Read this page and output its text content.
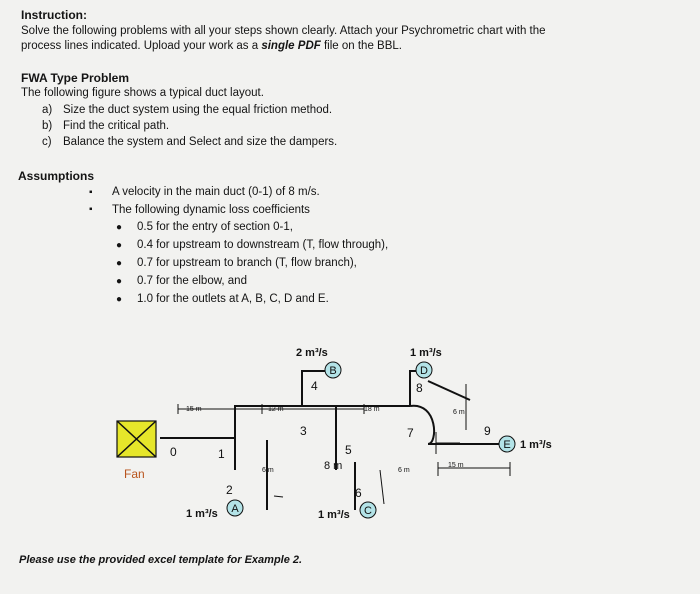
Instruction:
Solve the following problems with all your steps shown clearly. Attach your Psychrometric chart with the
process lines indicated. Upload your work as a single PDF file on the BBL.
FWA Type Problem
The following figure shows a typical duct layout.
a) Size the duct system using the equal friction method.
b) Find the critical path.
c) Balance the system and Select and size the dampers.
Assumptions
▪ A velocity in the main duct (0-1) of 8 m/s.
▪ The following dynamic loss coefficients
● 0.5 for the entry of section 0-1,
● 0.4 for upstream to downstream (T, flow through),
● 0.7 for upstream to branch (T, flow branch),
● 0.7 for the elbow, and
● 1.0 for the outlets at A, B, C, D and E.
A
B
C
D
E
1 m³/s
2 m³/s
1 m³/s
1 m³/s
1 m³/s
0	1
2
3
4
5
6
7
8
9
15 m	12 m	18 m	6 m
6 m	8 m	6 m
15 m
Fan
Please use the provided excel template for Example 2.
